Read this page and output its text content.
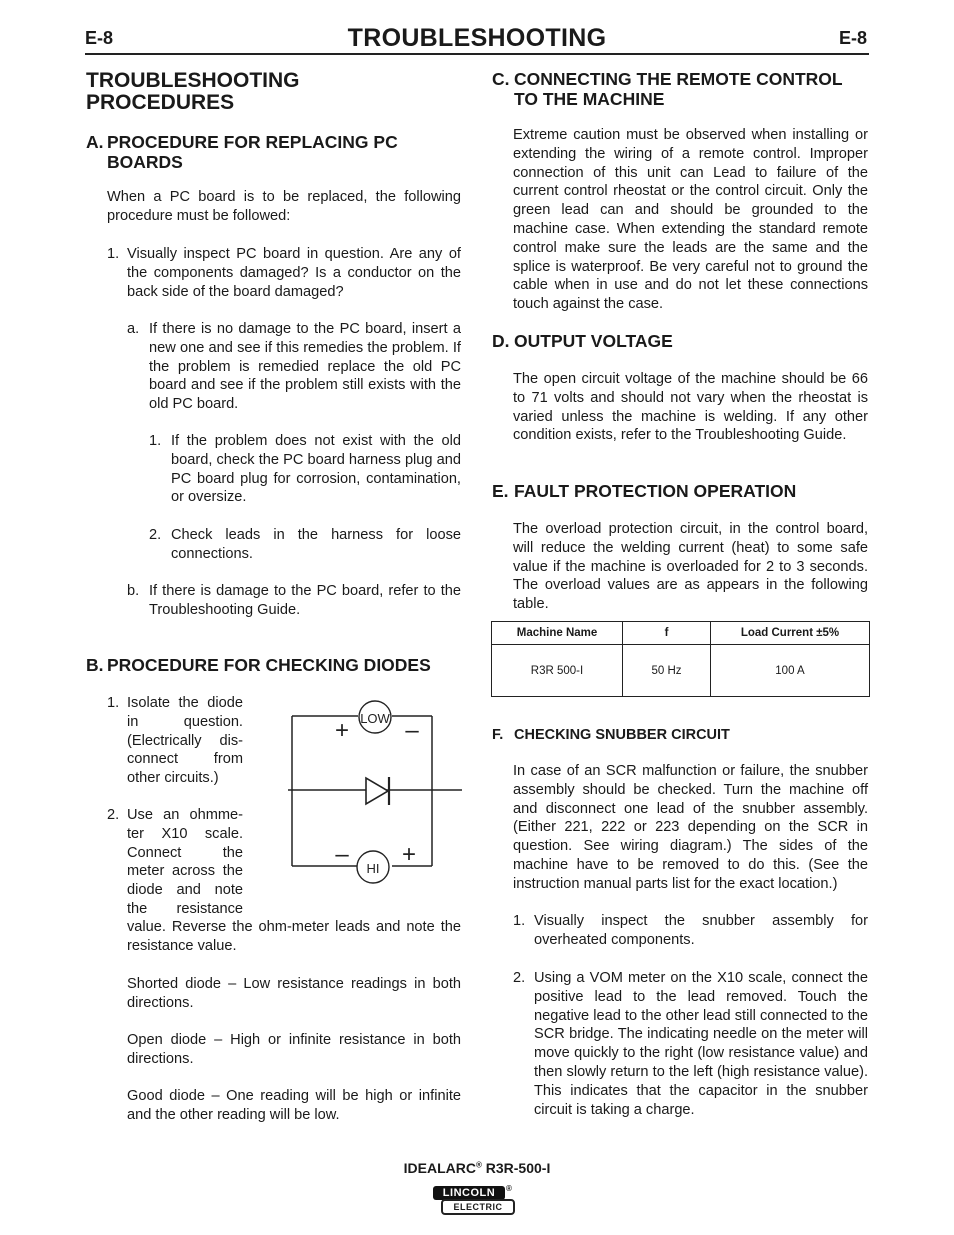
E-8	TROUBLESHOOTING	E-8
TROUBLESHOOTING
PROCEDURES
A. PROCEDURE FOR REPLACING PC
BOARDS
When a PC board is to be replaced, the following procedure must be followed:
1. Visually inspect PC board in question. Are any of the components damaged? Is a conductor on the back side of the board damaged?
a. If there is no damage to the PC board, insert a new one and see if this remedies the problem. If the problem is remedied replace the old PC board and see if the problem still exists with the old PC board.
1. If the problem does not exist with the old board, check the PC board harness plug and PC board plug for corrosion, contamination, or oversize.
2. Check leads in the harness for loose connections.
b. If there is damage to the PC board, refer to the Troubleshooting Guide.
B. PROCEDURE FOR CHECKING DIODES
1. Isolate the diode
in question.
(Electrically dis-
connect from
other circuits.)
2. Use an ohmme-
ter X10 scale.
Connect the
meter across the
diode and note
the resistance
value. Reverse the ohm-meter leads and note the resistance value.
Shorted diode – Low resistance readings in both directions.
Open diode – High or infinite resistance in both directions.
Good diode – One reading will be high or infinite and the other reading will be low.
LOW
HI
+ –
– +
C. CONNECTING THE REMOTE CONTROL
TO THE MACHINE
Extreme caution must be observed when installing or extending the wiring of a remote control. Improper connection of this unit can Lead to failure of the current control rheostat or the control circuit. Only the green lead can and should be grounded to the machine case. When extending the standard remote control make sure the leads are the same and the splice is waterproof. Be very careful not to ground the cable when in use and do not let these connections touch against the case.
D. OUTPUT VOLTAGE
The open circuit voltage of the machine should be 66 to 71 volts and should not vary when the rheostat is varied unless the machine is welding. If any other condition exists, refer to the Troubleshooting Guide.
E. FAULT PROTECTION OPERATION
The overload protection circuit, in the control board, will reduce the welding current (heat) to some safe value if the machine is overloaded for 2 to 3 seconds. The overload values are as appears in the following table.
Machine Name	f	Load Current ±5%
R3R 500-I	50 Hz	100 A
F. CHECKING SNUBBER CIRCUIT
In case of an SCR malfunction or failure, the snubber assembly should be checked. Turn the machine off and disconnect one lead of the snubber assembly. (Either 221, 222 or 223 depending on the SCR in question. See wiring diagram.) The sides of the machine have to be removed to do this. (See the instruction manual parts list for the exact location.)
1. Visually inspect the snubber assembly for overheated components.
2. Using a VOM meter on the X10 scale, connect the positive lead to the lead removed. Touch the negative lead to the other lead still connected to the SCR bridge. The indicating needle on the meter will move quickly to the right (low resistance value) and then slowly return to the left (high resistance value). This indicates that the capacitor in the snubber circuit is taking a charge.
IDEALARC® R3R-500-I
LINCOLN	®
ELECTRIC
